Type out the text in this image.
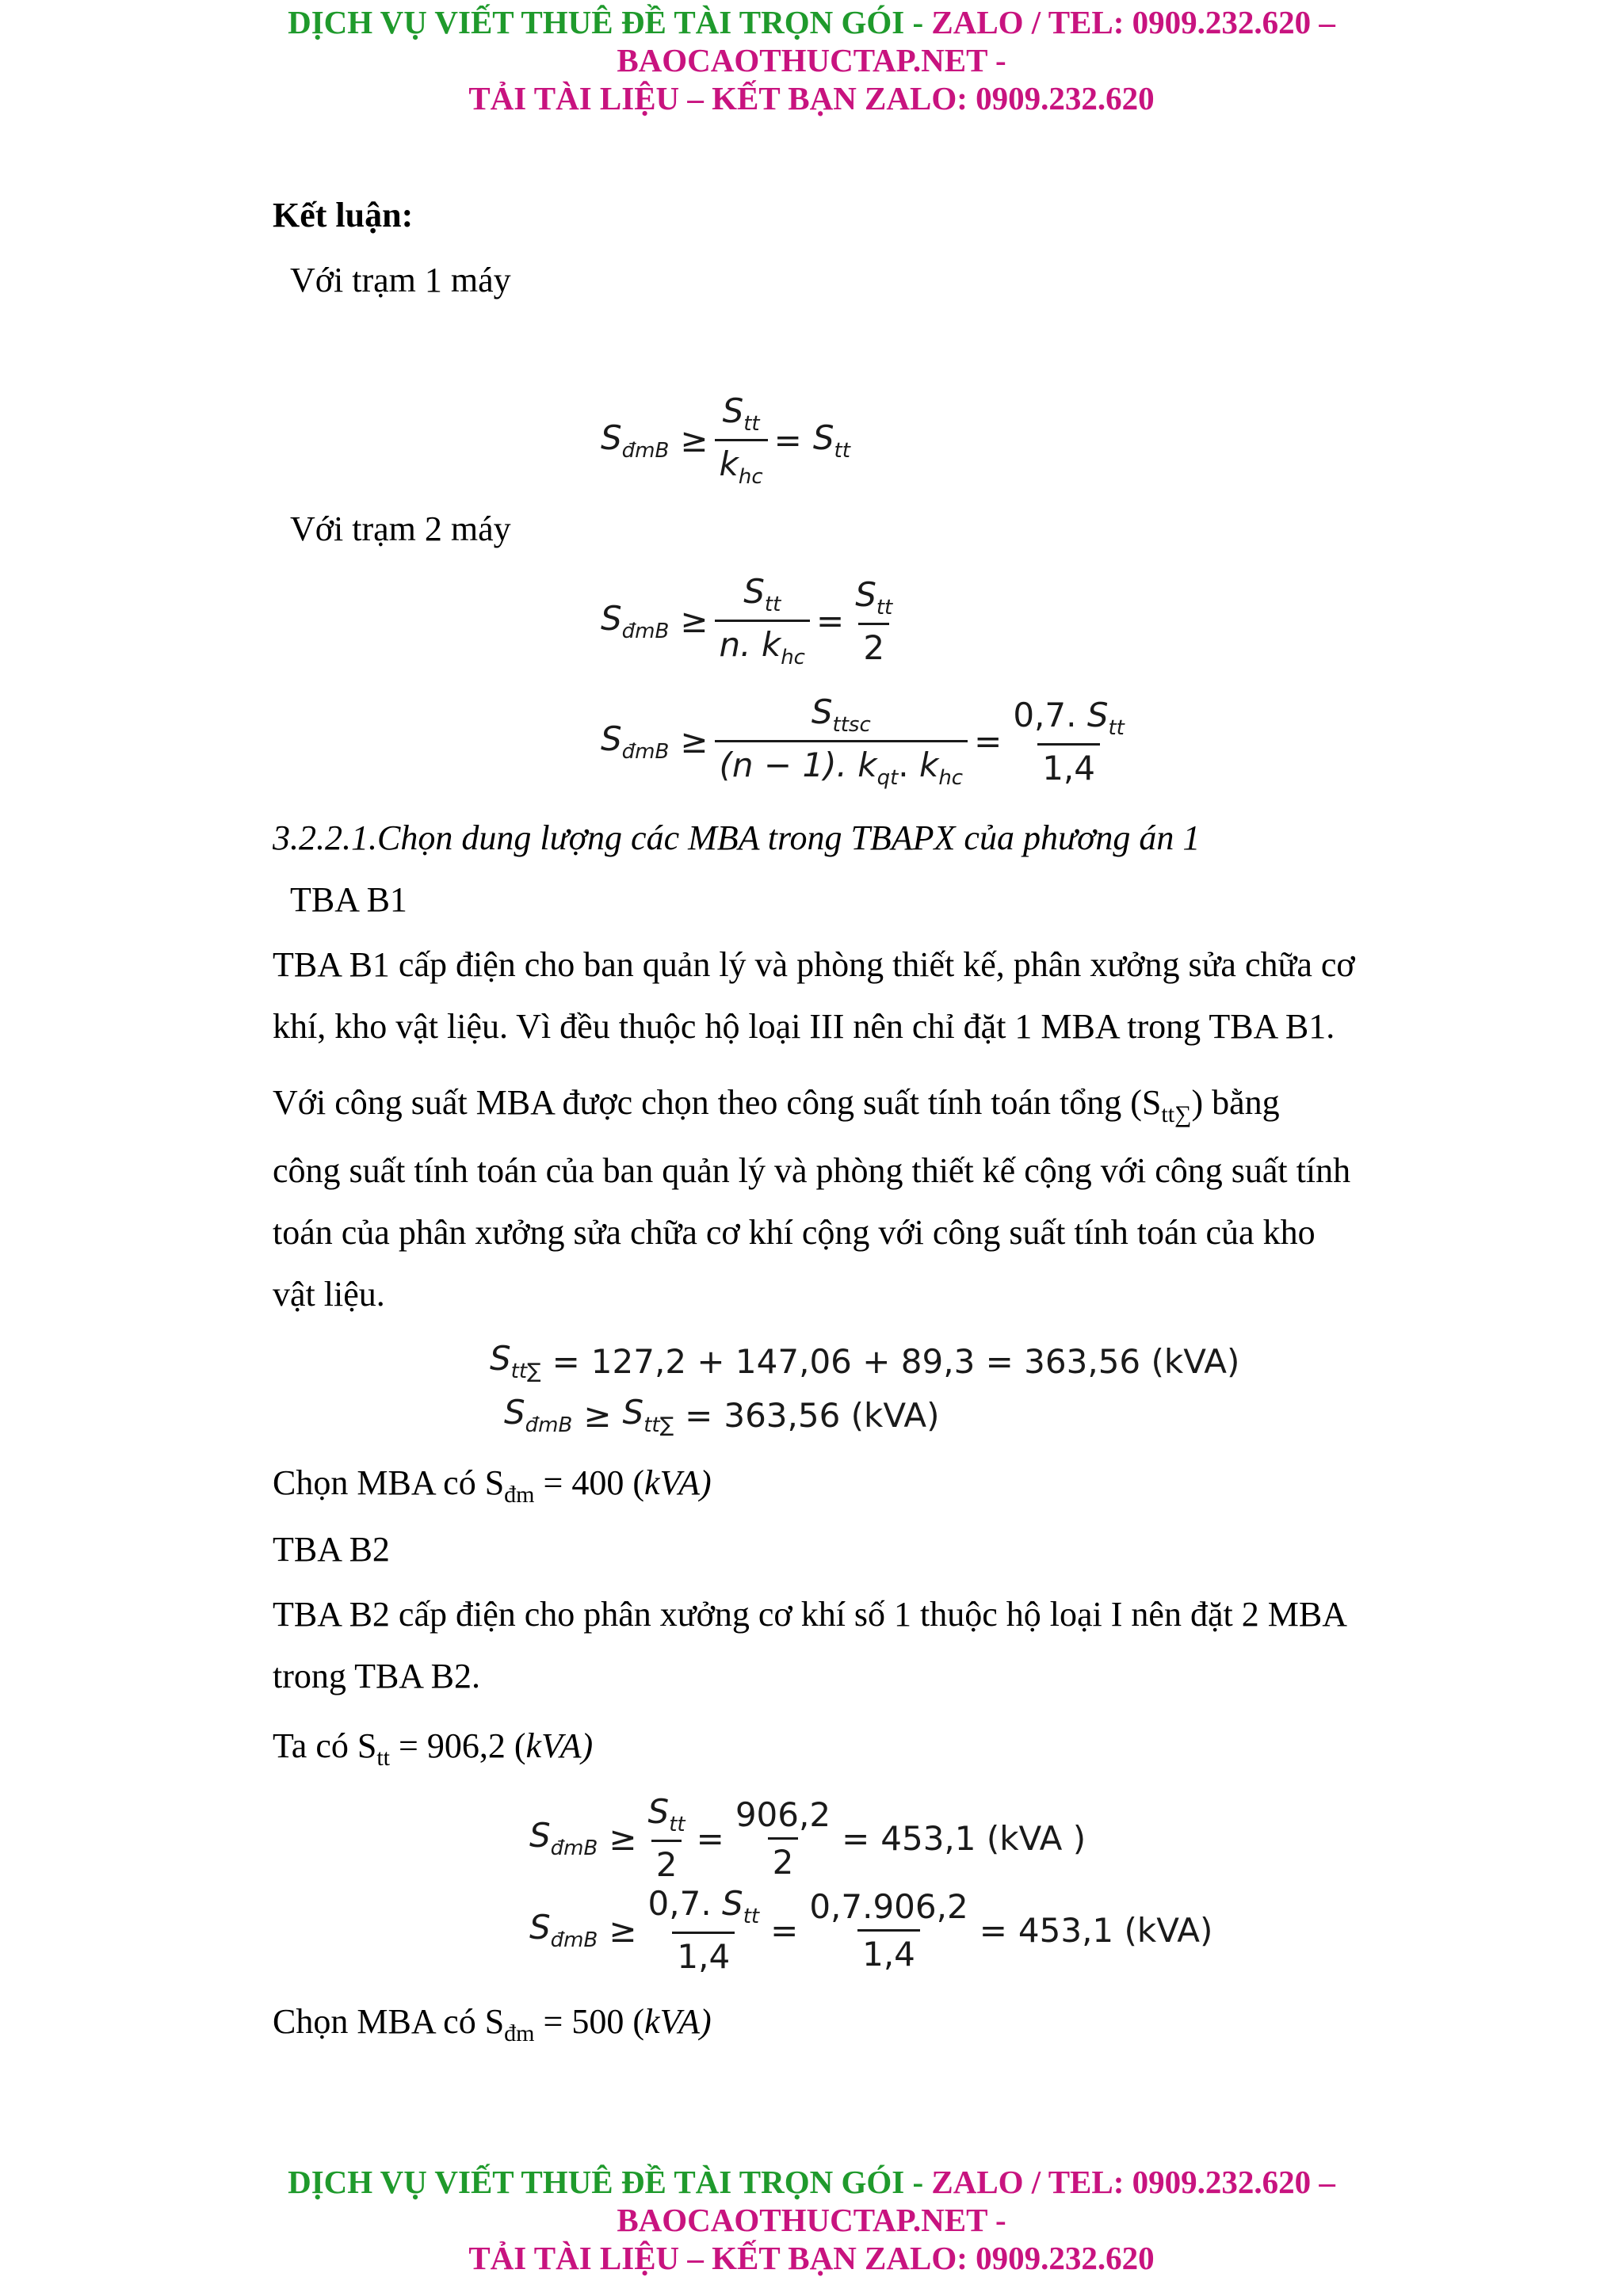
DỊCH VỤ VIẾT THUÊ ĐỀ TÀI TRỌN GÓI - ZALO / TEL: 0909.232.620 –
BAOCAOTHUCTAP.NET -
TẢI TÀI LIỆU – KẾT BẠN ZALO: 0909.232.620
Kết luận:
Với trạm 1 máy
$S_{đmB} \ge \frac{S_{tt}}{k_{hc}} = S_{tt}$
Với trạm 2 máy
$S_{đmB} \ge \frac{S_{tt}}{n. k_{hc}} = \frac{S_{tt}}{2}$
$S_{đmB} \ge \frac{S_{ttsc}}{(n - 1). k_{qt}. k_{hc}} = \frac{0,7. S_{tt}}{1,4}$
3.2.2.1.Chọn dung lượng các MBA trong TBAPX của phương án 1
TBA B1
TBA B1 cấp điện cho ban quản lý và phòng thiết kế, phân xưởng sửa chữa cơ
khí, kho vật liệu. Vì đều thuộc hộ loại III nên chỉ đặt 1 MBA trong TBA B1.
Với công suất MBA được chọn theo công suất tính toán tổng $(S_{tt\sum})$ bằng
công suất tính toán của ban quản lý và phòng thiết kế cộng với công suất tính
toán của phân xưởng sửa chữa cơ khí cộng với công suất tính toán của kho
vật liệu.
$S_{tt\sum} = 127,2 + 147,06 + 89,3 = 363,56$ (kVA)
$S_{đmB} \ge S_{tt\sum} = 363,56$ (kVA)
Chọn MBA có $S_{đm} = 400$ (kVA)
TBA B2
TBA B2 cấp điện cho phân xưởng cơ khí số 1 thuộc hộ loại I nên đặt 2 MBA
trong TBA B2.
Ta có $S_{tt} = 906,2$ (kVA)
$S_{đmB} \ge \frac{S_{tt}}{2} = \frac{906,2}{2} = 453,1$ (kVA )
$S_{đmB} \ge \frac{0,7. S_{tt}}{1,4} = \frac{0,7.906,2}{1,4} = 453,1$ (kVA)
Chọn MBA có $S_{đm} = 500$ (kVA)
DỊCH VỤ VIẾT THUÊ ĐỀ TÀI TRỌN GÓI - ZALO / TEL: 0909.232.620 –
BAOCAOTHUCTAP.NET -
TẢI TÀI LIỆU – KẾT BẠN ZALO: 0909.232.620
